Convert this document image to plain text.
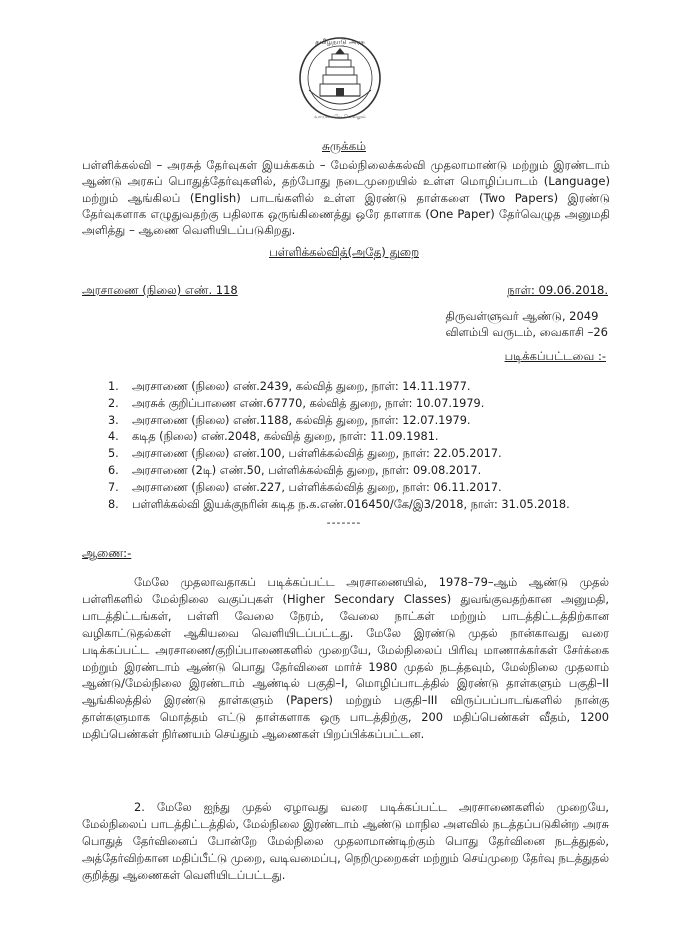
தமிழ்நாடு அரசு
வாய்மையே வெல்லும்
சுருக்கம்
பள்ளிக்கல்வி – அரசுத் தேர்வுகள் இயக்ககம் – மேல்நிலைக்கல்வி முதலாமாண்டு மற்றும் இரண்டாம் ஆண்டு அரசுப் பொதுத்தேர்வுகளில், தற்போது நடைமுறையில் உள்ள மொழிப்பாடம் (Language) மற்றும் ஆங்கிலப் (English) பாடங்களில் உள்ள இரண்டு தாள்களை (Two Papers) இரண்டு தேர்வுகளாக எழுதுவதற்கு பதிலாக ஒருங்கிணைத்து ஒரே தாளாக (One Paper) தேர்வெழுத அனுமதி அளித்து – ஆணை வெளியிடப்படுகிறது.
பள்ளிக்கல்வித்(அதே) துறை
அரசாணை (நிலை) எண். 118	நாள்: 09.06.2018.
திருவள்ளுவர் ஆண்டு, 2049
விளம்பி வருடம், வைகாசி –26
படிக்கப்பட்டவை :-
1. அரசாணை (நிலை) எண்.2439, கல்வித் துறை, நாள்: 14.11.1977.
2. அரசுக் குறிப்பாணை எண்.67770, கல்வித் துறை, நாள்: 10.07.1979.
3. அரசாணை (நிலை) எண்.1188, கல்வித் துறை, நாள்: 12.07.1979.
4. கடித (நிலை) எண்.2048, கல்வித் துறை, நாள்: 11.09.1981.
5. அரசாணை (நிலை) எண்.100, பள்ளிக்கல்வித் துறை, நாள்: 22.05.2017.
6. அரசாணை (2டி) எண்.50, பள்ளிக்கல்வித் துறை, நாள்: 09.08.2017.
7. அரசாணை (நிலை) எண்.227, பள்ளிக்கல்வித் துறை, நாள்: 06.11.2017.
8. பள்ளிக்கல்வி இயக்குநரின் கடித ந.க.எண்.016450/கே/இ3/2018, நாள்: 31.05.2018.
-------
ஆணை:-
மேலே முதலாவதாகப் படிக்கப்பட்ட அரசாணையில், 1978–79–ஆம் ஆண்டு முதல் பள்ளிகளில் மேல்நிலை வகுப்புகள் (Higher Secondary Classes) துவங்குவதற்கான அனுமதி, பாடத்திட்டங்கள், பள்ளி வேலை நேரம், வேலை நாட்கள் மற்றும் பாடத்திட்டத்திற்கான வழிகாட்டுதல்கள் ஆகியவை வெளியிடப்பட்டது. மேலே இரண்டு முதல் நான்காவது வரை படிக்கப்பட்ட அரசாணை/குறிப்பாணைகளில் முறையே, மேல்நிலைப் பிரிவு மாணாக்கர்கள் சேர்க்கை மற்றும் இரண்டாம் ஆண்டு பொது தேர்வினை மார்ச் 1980 முதல் நடத்தவும், மேல்நிலை முதலாம் ஆண்டு/மேல்நிலை இரண்டாம் ஆண்டில் பகுதி–I, மொழிப்பாடத்தில் இரண்டு தாள்களும் பகுதி–II ஆங்கிலத்தில் இரண்டு தாள்களும் (Papers) மற்றும் பகுதி–III விருப்பப்பாடங்களில் நான்கு தாள்களுமாக மொத்தம் எட்டு தாள்களாக ஒரு பாடத்திற்கு, 200 மதிப்பெண்கள் வீதம், 1200 மதிப்பெண்கள் நிர்ணயம் செய்தும் ஆணைகள் பிறப்பிக்கப்பட்டன.
2. மேலே ஐந்து முதல் ஏழாவது வரை படிக்கப்பட்ட அரசாணைகளில் முறையே, மேல்நிலைப் பாடத்திட்டத்தில், மேல்நிலை இரண்டாம் ஆண்டு மாநில அளவில் நடத்தப்படுகின்ற அரசு பொதுத் தேர்வினைப் போன்றே மேல்நிலை முதலாமாண்டிற்கும் பொது தேர்வினை நடத்துதல், அத்தேர்விற்கான மதிப்பீட்டு முறை, வடிவமைப்பு, நெறிமுறைகள் மற்றும் செய்முறை தேர்வு நடத்துதல் குறித்து ஆணைகள் வெளியிடப்பட்டது.
